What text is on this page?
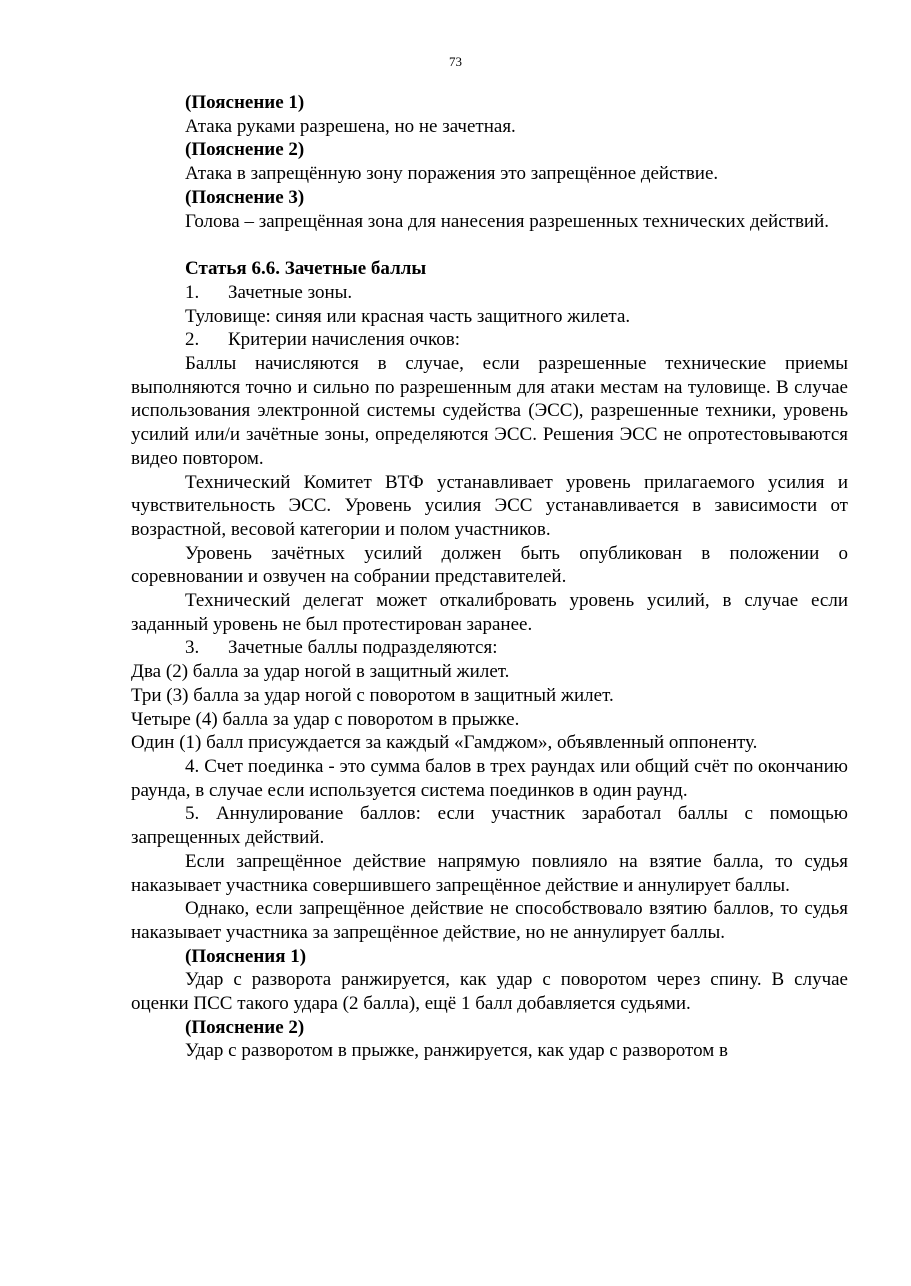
73

(Пояснение 1)

Атака руками разрешена, но не зачетная.

(Пояснение 2)

Атака в запрещённую зону поражения это запрещённое действие.

(Пояснение 3)

Голова – запрещённая зона для нанесения разрешенных технических действий.

Статья 6.6. Зачетные баллы

1. Зачетные зоны.

Туловище: синяя или красная часть защитного жилета.

2. Критерии начисления очков:

Баллы начисляются в случае, если разрешенные технические приемы выполняются точно и сильно по разрешенным для атаки местам на туловище. В случае использования электронной системы судейства (ЭСС), разрешенные техники, уровень усилий или/и зачётные зоны, определяются ЭСС. Решения ЭСС не опротестовываются видео повтором.

Технический Комитет ВТФ устанавливает уровень прилагаемого усилия и чувствительность ЭСС. Уровень усилия ЭСС устанавливается в зависимости от возрастной, весовой категории и полом участников.

Уровень зачётных усилий должен быть опубликован в положении о соревновании и озвучен на собрании представителей.

Технический делегат может откалибровать уровень усилий, в случае если заданный уровень не был протестирован заранее.

3. Зачетные баллы подразделяются:

Два (2) балла за удар ногой в защитный жилет.

Три (3) балла за удар ногой с поворотом в защитный жилет.

Четыре (4) балла за удар с поворотом в прыжке.

Один (1) балл присуждается за каждый «Гамджом», объявленный оппоненту.

4. Счет поединка - это сумма балов в трех раундах или общий счёт по окончанию раунда, в случае если используется система поединков в один раунд.

5. Аннулирование баллов: если участник заработал баллы с помощью запрещенных действий.

Если запрещённое действие напрямую повлияло на взятие балла, то судья наказывает участника совершившего запрещённое действие и аннулирует баллы.

Однако, если запрещённое действие не способствовало взятию баллов, то судья наказывает участника за запрещённое действие, но не аннулирует баллы.

(Пояснения 1)

Удар с разворота ранжируется, как удар с поворотом через спину. В случае оценки ПСС такого удара (2 балла), ещё 1 балл добавляется судьями.

(Пояснение 2)

Удар с разворотом в прыжке, ранжируется, как удар с разворотом в
